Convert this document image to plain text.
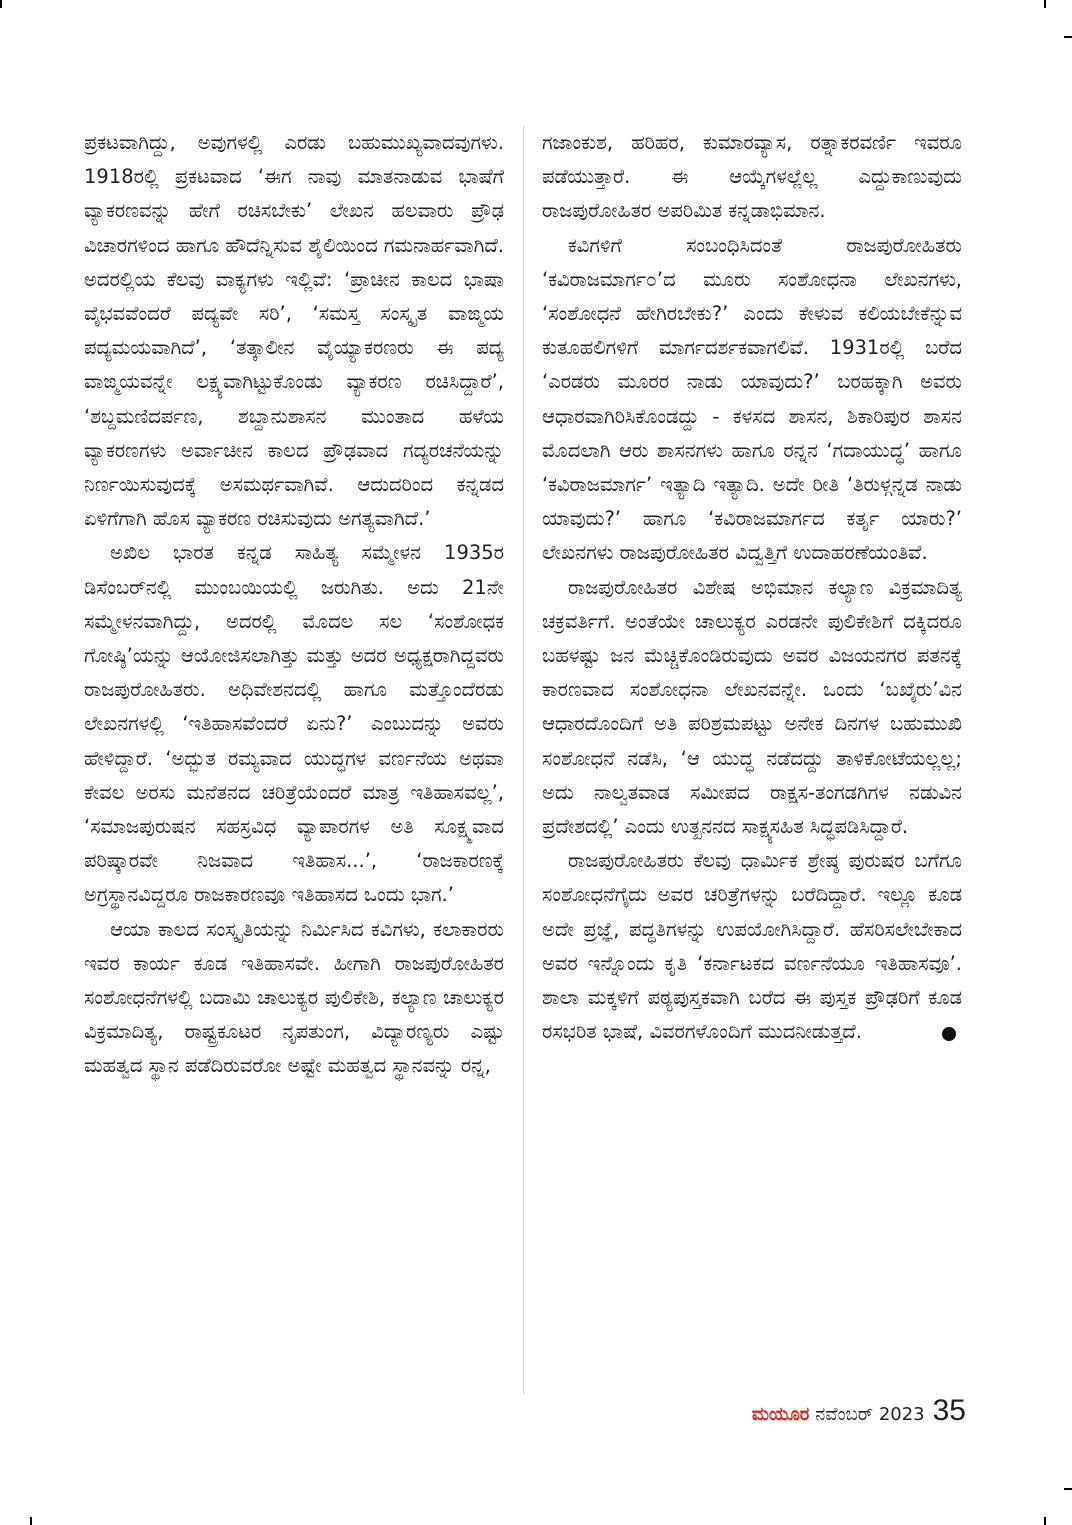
ಪ್ರಕಟವಾಗಿದ್ದು, ಅವುಗಳಲ್ಲಿ ಎರಡು ಬಹುಮುಖ್ಯವಾದವುಗಳು. 1918ರಲ್ಲಿ ಪ್ರಕಟವಾದ ‘ಈಗ ನಾವು ಮಾತನಾಡುವ ಭಾಷೆಗೆ ವ್ಯಾಕರಣವನ್ನು ಹೇಗೆ ರಚಿಸಬೇಕು’ ಲೇಖನ ಹಲವಾರು ಪ್ರೌಢ ವಿಚಾರಗಳಿಂದ ಹಾಗೂ ಹೌದೆನ್ನಿಸುವ ಶೈಲಿಯಿಂದ ಗಮನಾರ್ಹವಾಗಿದೆ. ಅದರಲ್ಲಿಯ ಕೆಲವು ವಾಕ್ಯಗಳು ಇಲ್ಲಿವೆ: ‘ಪ್ರಾಚೀನ ಕಾಲದ ಭಾಷಾ ವೈಭವವೆಂದರೆ ಪದ್ಯವೇ ಸರಿ’, ‘ಸಮಸ್ತ ಸಂಸ್ಕೃತ ವಾಙ್ಮಯ ಪದ್ಯಮಯವಾಗಿದೆ’, ‘ತತ್ಕಾಲೀನ ವೈಯ್ಯಾಕರಣರು ಈ ಪದ್ಯ ವಾಙ್ಮಯವನ್ನೇ ಲಕ್ಷ್ಯವಾಗಿಟ್ಟುಕೊಂಡು ವ್ಯಾಕರಣ ರಚಿಸಿದ್ದಾರೆ’, ‘ಶಬ್ದಮಣಿದರ್ಪಣ, ಶಬ್ದಾನುಶಾಸನ ಮುಂತಾದ ಹಳೆಯ ವ್ಯಾಕರಣಗಳು ಅರ್ವಾಚೀನ ಕಾಲದ ಪ್ರೌಢವಾದ ಗದ್ಯರಚನೆಯನ್ನು ನಿರ್ಣಯಿಸುವುದಕ್ಕೆ ಅಸಮರ್ಥವಾಗಿವೆ. ಆದುದರಿಂದ ಕನ್ನಡದ ಏಳಿಗೆಗಾಗಿ ಹೊಸ ವ್ಯಾಕರಣ ರಚಿಸುವುದು ಅಗತ್ಯವಾಗಿದೆ.’

ಅಖಿಲ ಭಾರತ ಕನ್ನಡ ಸಾಹಿತ್ಯ ಸಮ್ಮೇಳನ 1935ರ ಡಿಸೆಂಬರ್‌ನಲ್ಲಿ ಮುಂಬಯಿಯಲ್ಲಿ ಜರುಗಿತು. ಅದು 21ನೇ ಸಮ್ಮೇಳನವಾಗಿದ್ದು, ಅದರಲ್ಲಿ ಮೊದಲ ಸಲ ‘ಸಂಶೋಧಕ ಗೋಷ್ಠಿ’ಯನ್ನು ಆಯೋಜಿಸಲಾಗಿತ್ತು ಮತ್ತು ಅದರ ಅಧ್ಯಕ್ಷರಾಗಿದ್ದವರು ರಾಜಪುರೋಹಿತರು. ಅಧಿವೇಶನದಲ್ಲಿ ಹಾಗೂ ಮತ್ತೊಂದೆರಡು ಲೇಖನಗಳಲ್ಲಿ ‘ಇತಿಹಾಸವೆಂದರೆ ಏನು?’ ಎಂಬುದನ್ನು ಅವರು ಹೇಳಿದ್ದಾರೆ. ‘ಅದ್ಭುತ ರಮ್ಯವಾದ ಯುದ್ಧಗಳ ವರ್ಣನೆಯ ಅಥವಾ ಕೇವಲ ಅರಸು ಮನೆತನದ ಚರಿತ್ರೆಯೆಂದರೆ ಮಾತ್ರ ಇತಿಹಾಸವಲ್ಲ’, ‘ಸಮಾಜಪುರುಷನ ಸಹಸ್ರವಿಧ ವ್ಯಾಪಾರಗಳ ಅತಿ ಸೂಕ್ಷ್ಮವಾದ ಪರಿಷ್ಕಾರವೇ ನಿಜವಾದ ಇತಿಹಾಸ...’, ‘ರಾಜಕಾರಣಕ್ಕೆ ಅಗ್ರಸ್ಥಾನವಿದ್ದರೂ ರಾಜಕಾರಣವೂ ಇತಿಹಾಸದ ಒಂದು ಭಾಗ.’

ಆಯಾ ಕಾಲದ ಸಂಸ್ಕೃತಿಯನ್ನು ನಿರ್ಮಿಸಿದ ಕವಿಗಳು, ಕಲಾಕಾರರು ಇವರ ಕಾರ್ಯ ಕೂಡ ಇತಿಹಾಸವೇ. ಹೀಗಾಗಿ ರಾಜಪುರೋಹಿತರ ಸಂಶೋಧನೆಗಳಲ್ಲಿ ಬದಾಮಿ ಚಾಲುಕ್ಯರ ಪುಲಿಕೇಶಿ, ಕಲ್ಯಾಣ ಚಾಲುಕ್ಯರ ವಿಕ್ರಮಾದಿತ್ಯ, ರಾಷ್ಟ್ರಕೂಟರ ನೃಪತುಂಗ, ವಿದ್ಯಾರಣ್ಯರು ಎಷ್ಟು ಮಹತ್ವದ ಸ್ಥಾನ ಪಡೆದಿರುವರೋ ಅಷ್ಟೇ ಮಹತ್ವದ ಸ್ಥಾನವನ್ನು ರನ್ನ,

ಗಜಾಂಕುಶ, ಹರಿಹರ, ಕುಮಾರವ್ಯಾಸ, ರತ್ನಾಕರವರ್ಣಿ ಇವರೂ ಪಡೆಯುತ್ತಾರೆ. ಈ ಆಯ್ಕೆಗಳಲ್ಲೆಲ್ಲ ಎದ್ದುಕಾಣುವುದು ರಾಜಪುರೋಹಿತರ ಅಪರಿಮಿತ ಕನ್ನಡಾಭಿಮಾನ.

ಕವಿಗಳಿಗೆ ಸಂಬಂಧಿಸಿದಂತೆ ರಾಜಪುರೋಹಿತರು ‘ಕವಿರಾಜಮಾರ್ಗ೦’ದ ಮೂರು ಸಂಶೋಧನಾ ಲೇಖನಗಳು, ‘ಸಂಶೋಧನೆ ಹೇಗಿರಬೇಕು?’ ಎಂದು ಕೇಳುವ ಕಲಿಯಬೇಕೆನ್ನುವ ಕುತೂಹಲಿಗಳಿಗೆ ಮಾರ್ಗದರ್ಶಕವಾಗಲಿವೆ. 1931ರಲ್ಲಿ ಬರೆದ ‘ಎರಡರು ಮೂರರ ನಾಡು ಯಾವುದು?’ ಬರಹಕ್ಕಾಗಿ ಅವರು ಆಧಾರವಾಗಿರಿಸಿಕೊಂಡದ್ದು - ಕಳಸದ ಶಾಸನ, ಶಿಕಾರಿಪುರ ಶಾಸನ ಮೊದಲಾಗಿ ಆರು ಶಾಸನಗಳು ಹಾಗೂ ರನ್ನನ ‘ಗದಾಯುದ್ಧ’ ಹಾಗೂ ‘ಕವಿರಾಜಮಾರ್ಗ’ ಇತ್ಯಾದಿ ಇತ್ಯಾದಿ. ಅದೇ ರೀತಿ ‘ತಿರುಳ್ಗನ್ನಡ ನಾಡು ಯಾವುದು?’ ಹಾಗೂ ‘ಕವಿರಾಜಮಾರ್ಗದ ಕರ್ತೃ ಯಾರು?’ ಲೇಖನಗಳು ರಾಜಪುರೋಹಿತರ ವಿದ್ವತ್ತಿಗೆ ಉದಾಹರಣೆಯಂತಿವೆ.

ರಾಜಪುರೋಹಿತರ ವಿಶೇಷ ಅಭಿಮಾನ ಕಲ್ಯಾಣ ವಿಕ್ರಮಾದಿತ್ಯ ಚಕ್ರವರ್ತಿಗೆ. ಅಂತೆಯೇ ಚಾಲುಕ್ಯರ ಎರಡನೇ ಪುಲಿಕೇಶಿಗೆ ದಕ್ಕಿದರೂ ಬಹಳಷ್ಟು ಜನ ಮೆಚ್ಚಿಕೊಂಡಿರುವುದು ಅವರ ವಿಜಯನಗರ ಪತನಕ್ಕೆ ಕಾರಣವಾದ ಸಂಶೋಧನಾ ಲೇಖನವನ್ನೇ. ಒಂದು ‘ಬಖೈರು’ವಿನ ಆಧಾರದೊಂದಿಗೆ ಅತಿ ಪರಿಶ್ರಮಪಟ್ಟು ಅನೇಕ ದಿನಗಳ ಬಹುಮುಖಿ ಸಂಶೋಧನೆ ನಡೆಸಿ, ‘ಆ ಯುದ್ಧ ನಡೆದದ್ದು ತಾಳಿಕೋಟೆಯಲ್ಲಲ್ಲ; ಅದು ನಾಲ್ವತವಾಡ ಸಮೀಪದ ರಾಕ್ಷಸ-ತಂಗಡಗಿಗಳ ನಡುವಿನ ಪ್ರದೇಶದಲ್ಲಿ’ ಎಂದು ಉತ್ಖನನದ ಸಾಕ್ಷ್ಯಸಹಿತ ಸಿದ್ಧಪಡಿಸಿದ್ದಾರೆ.

ರಾಜಪುರೋಹಿತರು ಕೆಲವು ಧಾರ್ಮಿಕ ಶ್ರೇಷ್ಠ ಪುರುಷರ ಬಗೆಗೂ ಸಂಶೋಧನೆಗೈದು ಅವರ ಚರಿತ್ರೆಗಳನ್ನು ಬರೆದಿದ್ದಾರೆ. ಇಲ್ಲೂ ಕೂಡ ಅದೇ ಪ್ರಜ್ಞೆ, ಪದ್ಧತಿಗಳನ್ನು ಉಪಯೋಗಿಸಿದ್ದಾರೆ. ಹೆಸರಿಸಲೇಬೇಕಾದ ಅವರ ಇನ್ನೊಂದು ಕೃತಿ ‘ಕರ್ನಾಟಕದ ವರ್ಣನೆಯೂ ಇತಿಹಾಸವೂ’. ಶಾಲಾ ಮಕ್ಕಳಿಗೆ ಪಠ್ಯಪುಸ್ತಕವಾಗಿ ಬರೆದ ಈ ಪುಸ್ತಕ ಪ್ರೌಢರಿಗೆ ಕೂಡ ರಸಭರಿತ ಭಾಷೆ, ವಿವರಗಳೊಂದಿಗೆ ಮುದನೀಡುತ್ತದೆ.

ಮಯೂರ ನವೆಂಬರ್ 2023 35
